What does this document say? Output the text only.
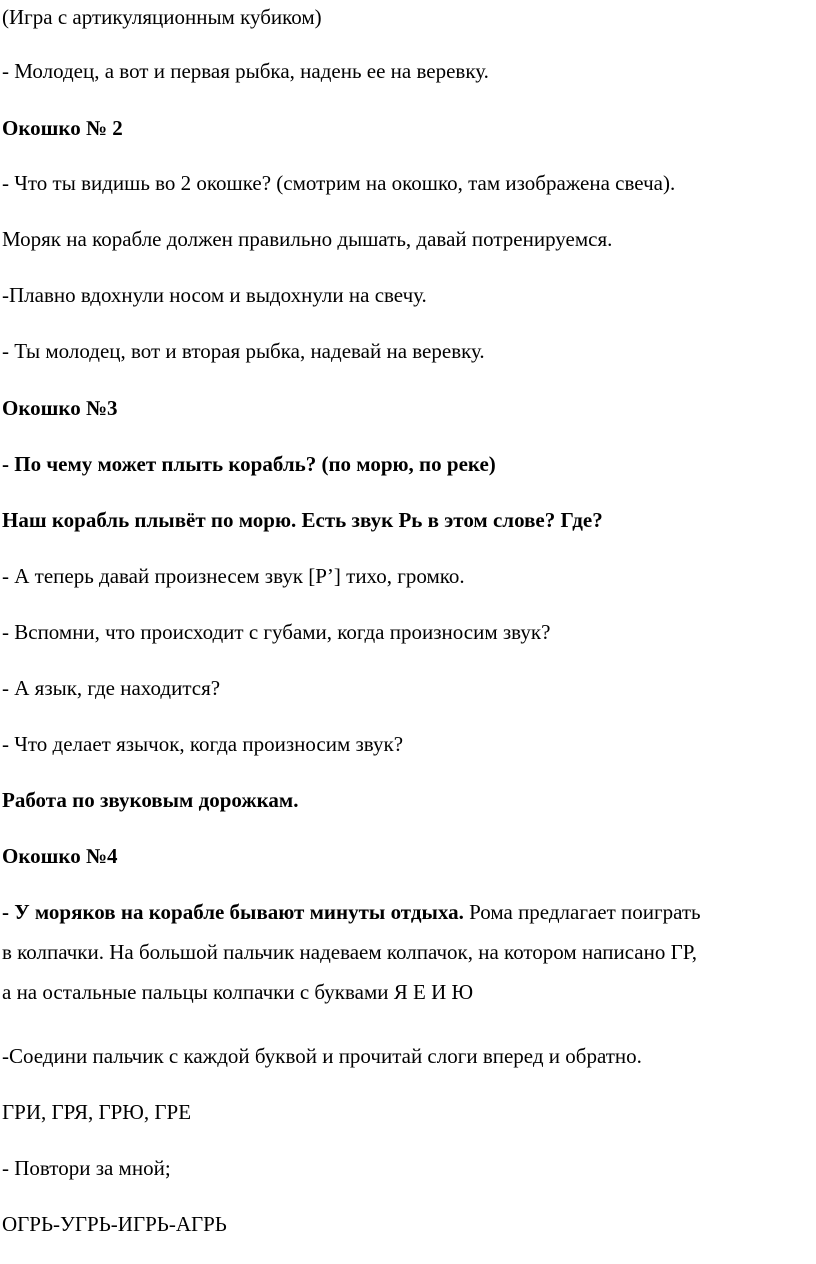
(Игра с артикуляционным кубиком)
- Молодец, а вот и первая рыбка, надень ее на веревку.
Окошко № 2
- Что ты видишь во 2 окошке? (смотрим на окошко, там изображена свеча).
Моряк на корабле должен правильно дышать, давай потренируемся.
-Плавно вдохнули носом и выдохнули на свечу.
- Ты молодец, вот и вторая рыбка, надевай на веревку.
Окошко №3
- По чему может плыть корабль? (по морю, по реке)
Наш корабль плывёт по морю. Есть звук Рь в этом слове? Где?
- А теперь давай произнесем звук [Р’] тихо, громко.
- Вспомни, что происходит с губами, когда произносим звук?
- А язык, где находится?
- Что делает язычок, когда произносим звук?
Работа по звуковым дорожкам.
Окошко №4
- У моряков на корабле бывают минуты отдыха. Рома предлагает поиграть
в колпачки. На большой пальчик надеваем колпачок, на котором написано ГР,
а на остальные пальцы колпачки с буквами Я Е И Ю
-Соедини пальчик с каждой буквой и прочитай слоги вперед и обратно.
ГРИ, ГРЯ, ГРЮ, ГРЕ
- Повтори за мной;
ОГРЬ-УГРЬ-ИГРЬ-АГРЬ
